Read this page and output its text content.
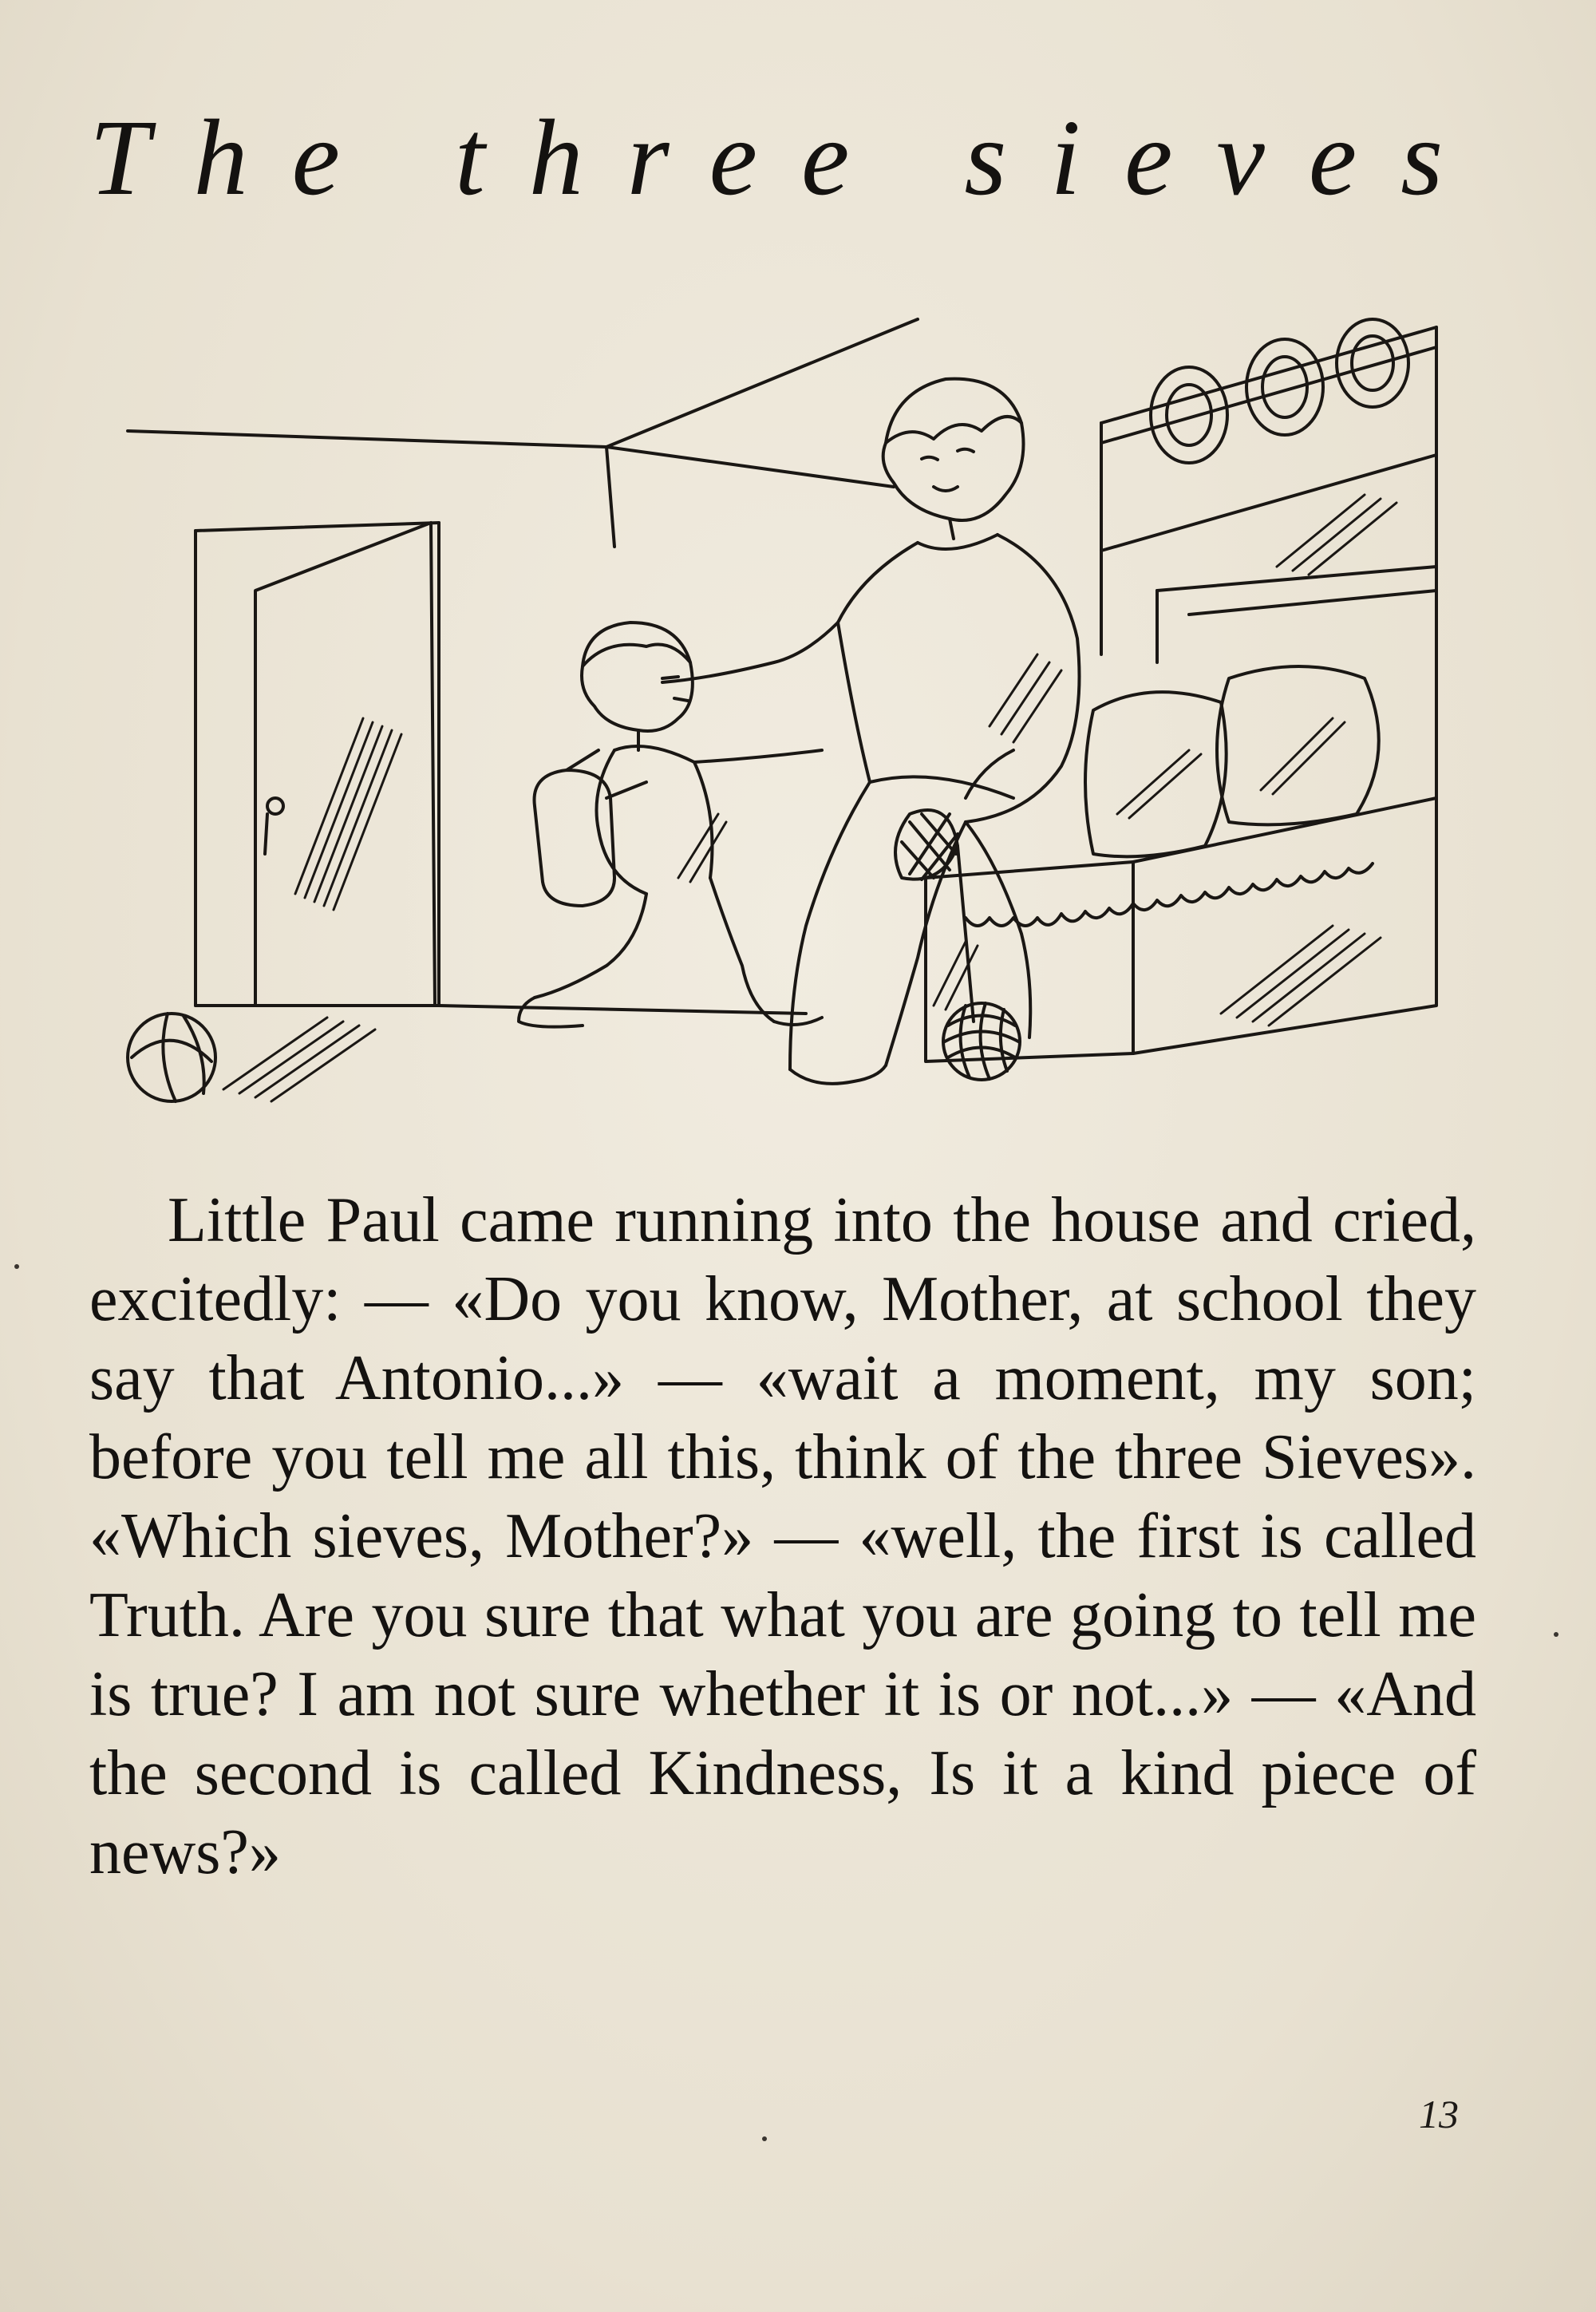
The three sieves

Little Paul came running into the house and cried, excitedly: — «Do you know, Mother, at school they say that Antonio...» — «wait a moment, my son; before you tell me all this, think of the three Sieves». «Which sieves, Mother?» — «well, the first is called Truth. Are you sure that what you are going to tell me is true? I am not sure whether it is or not...» — «And the second is called Kindness, Is it a kind piece of news?»

13
